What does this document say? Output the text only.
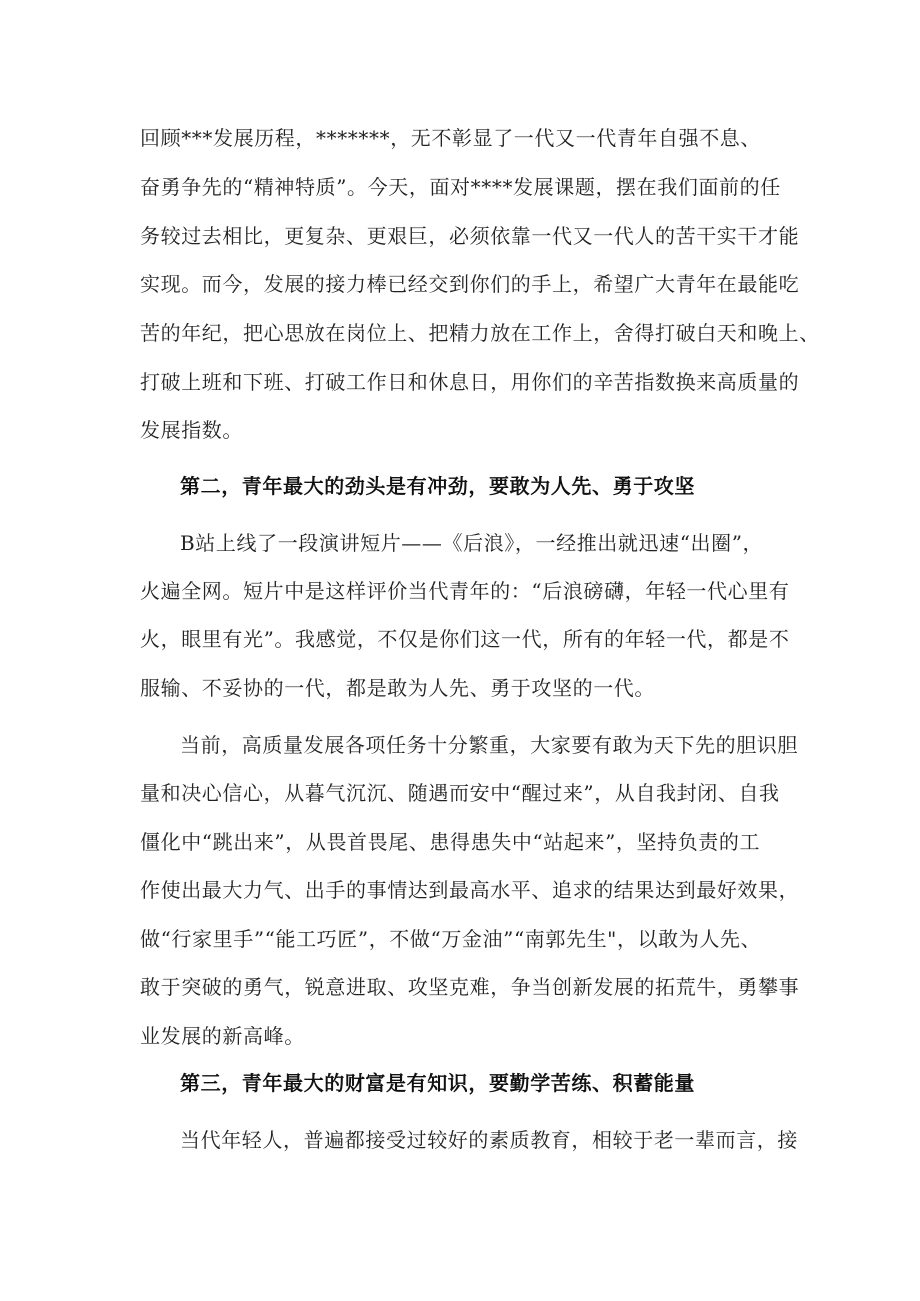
回顾***发展历程，*******，无不彰显了一代又一代青年自强不息、
奋勇争先的“精神特质”。今天，面对****发展课题，摆在我们面前的任
务较过去相比，更复杂、更艰巨，必须依靠一代又一代人的苦干实干才能
实现。而今，发展的接力棒已经交到你们的手上，希望广大青年在最能吃
苦的年纪，把心思放在岗位上、把精力放在工作上，舍得打破白天和晚上、
打破上班和下班、打破工作日和休息日，用你们的辛苦指数换来高质量的
发展指数。
第二，青年最大的劲头是有冲劲，要敢为人先、勇于攻坚
B站上线了一段演讲短片——《后浪》，一经推出就迅速“出圈”，
火遍全网。短片中是这样评价当代青年的：“后浪磅礴，年轻一代心里有
火，眼里有光”。我感觉，不仅是你们这一代，所有的年轻一代，都是不
服输、不妥协的一代，都是敢为人先、勇于攻坚的一代。
当前，高质量发展各项任务十分繁重，大家要有敢为天下先的胆识胆
量和决心信心，从暮气沉沉、随遇而安中“醒过来”，从自我封闭、自我
僵化中“跳出来”，从畏首畏尾、患得患失中“站起来”，坚持负责的工
作使出最大力气、出手的事情达到最高水平、追求的结果达到最好效果，
做“行家里手”“能工巧匠”，不做“万金油”“南郭先生"，以敢为人先、
敢于突破的勇气，锐意进取、攻坚克难，争当创新发展的拓荒牛，勇攀事
业发展的新高峰。
第三，青年最大的财富是有知识，要勤学苦练、积蓄能量
当代年轻人，普遍都接受过较好的素质教育，相较于老一辈而言，接
